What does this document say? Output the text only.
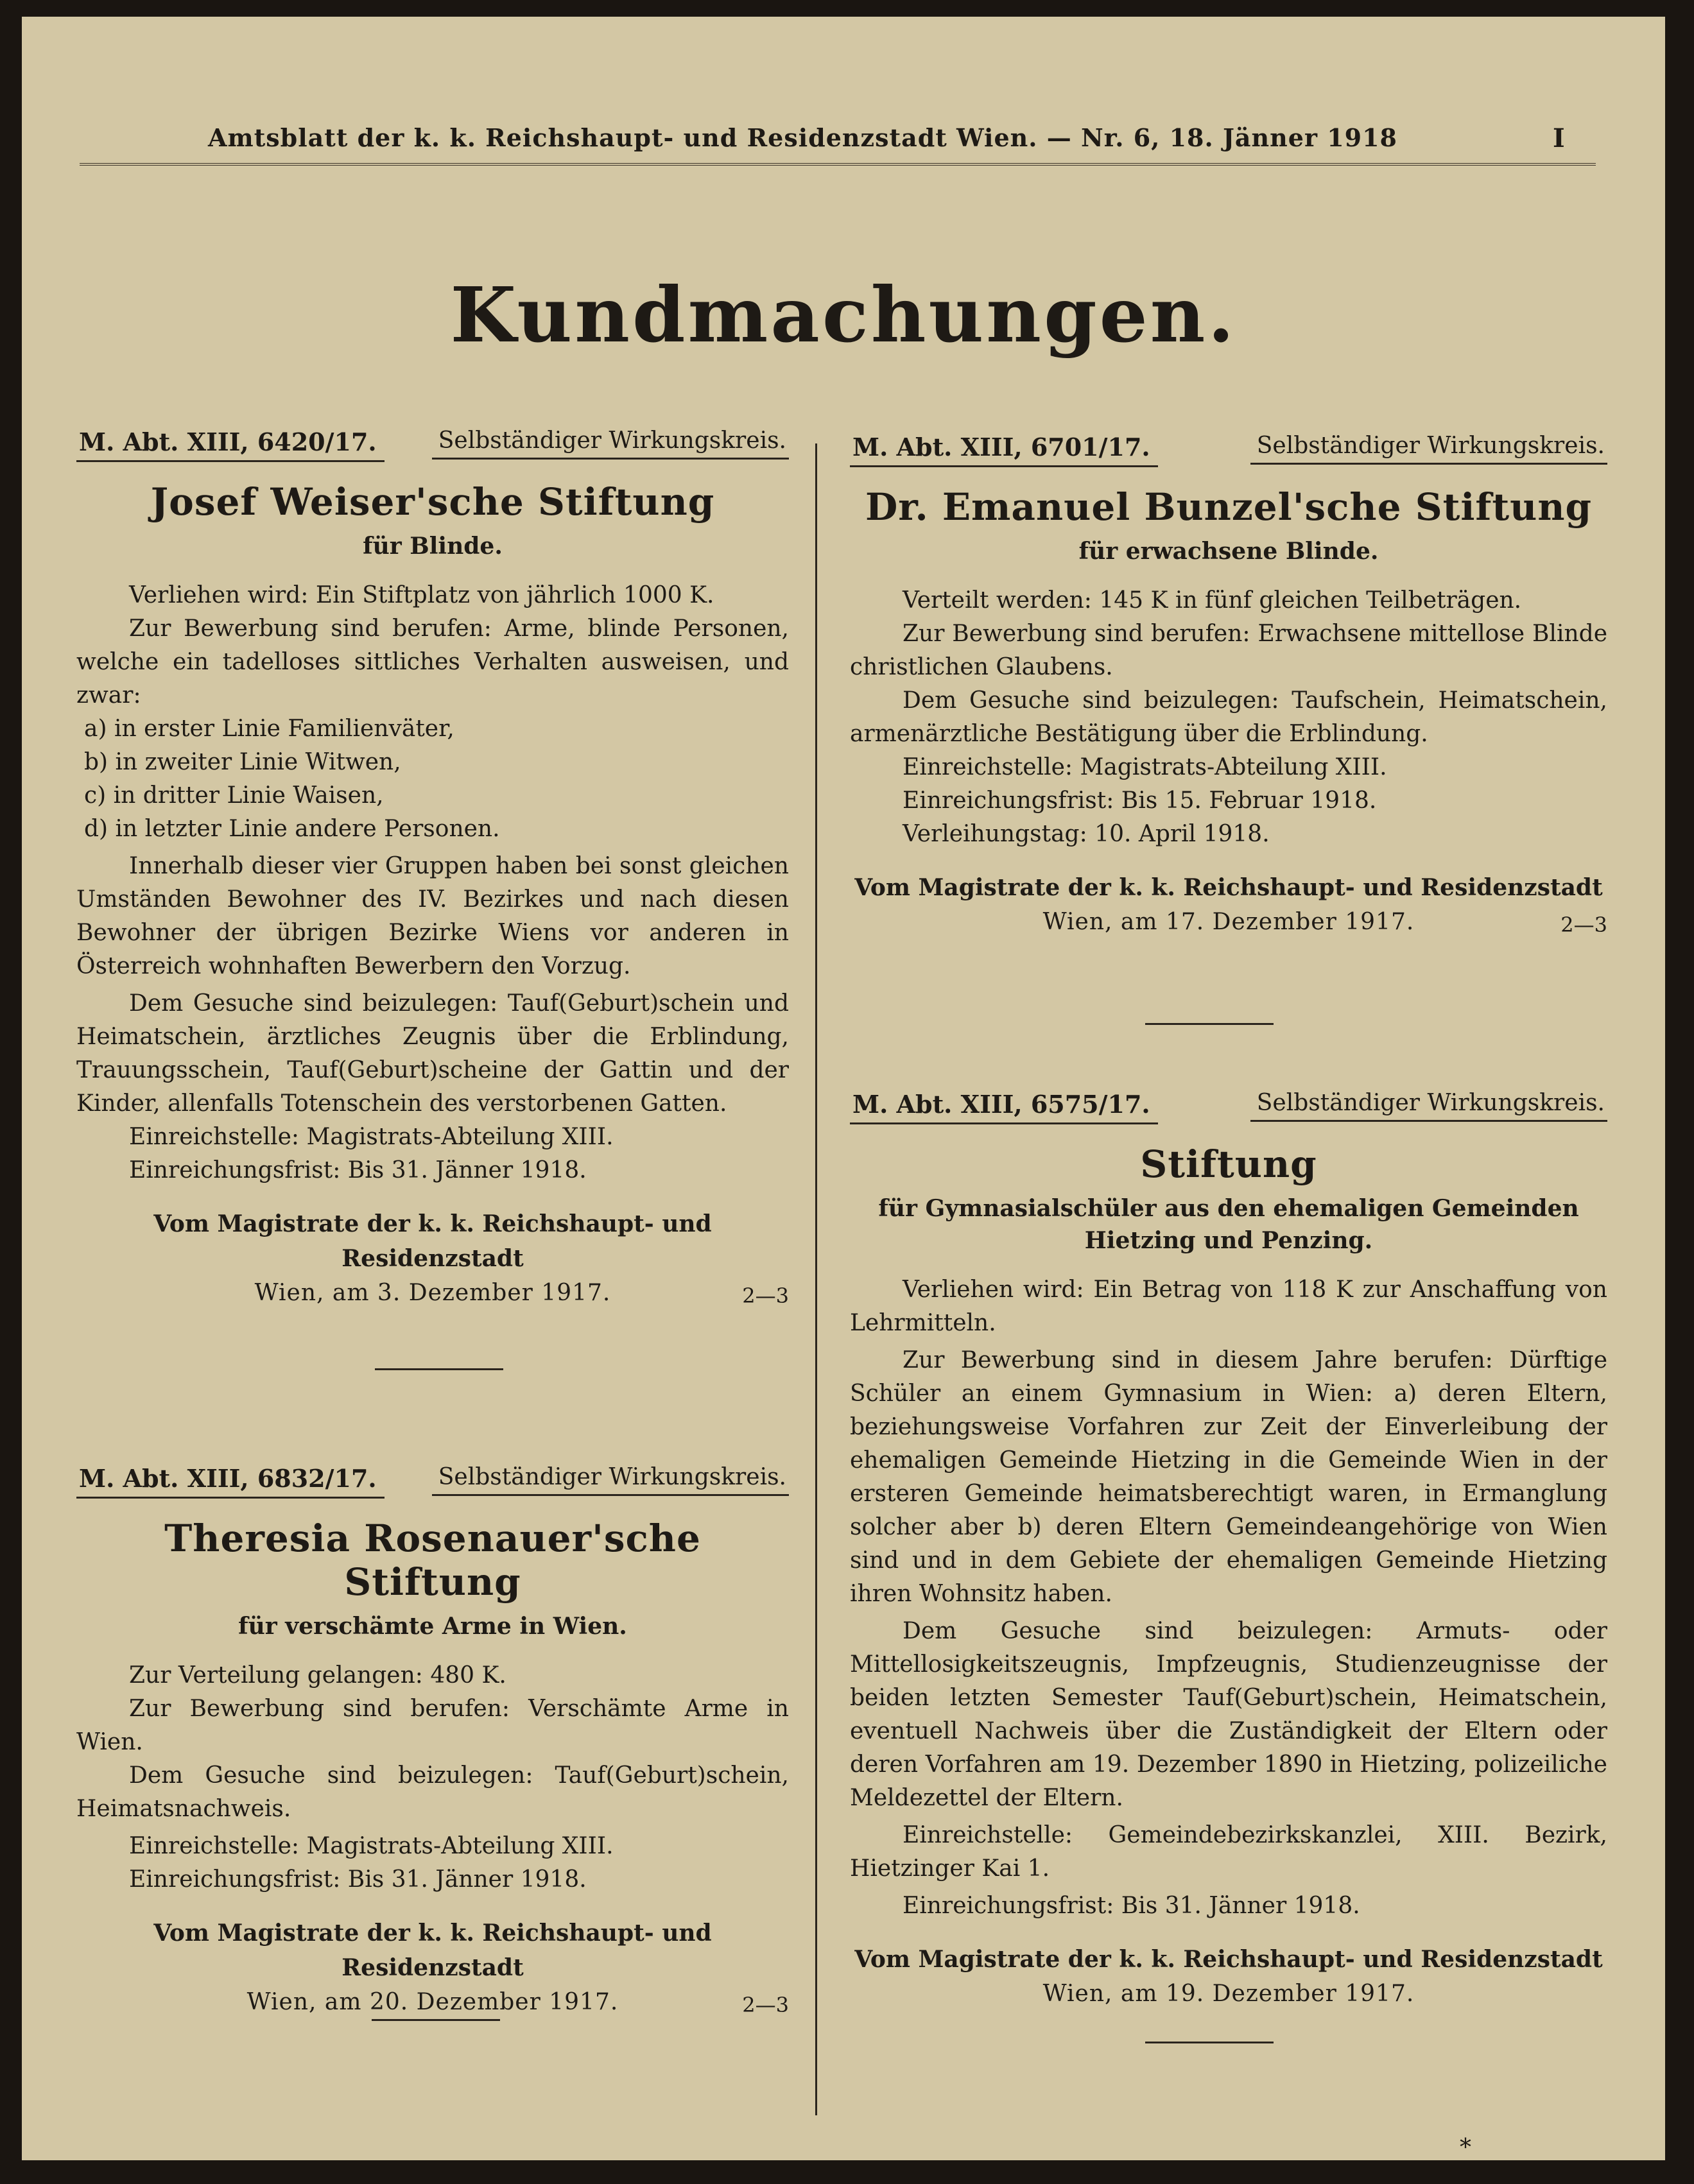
Amtsblatt der k. k. Reichshaupt- und Residenzstadt Wien. — Nr. 6, 18. Jänner 1918	I
Kundmachungen.
M. Abt. XIII, 6420/17.	Selbständiger Wirkungskreis.
Josef Weiser'sche Stiftung
für Blinde.
Verliehen wird: Ein Stiftplatz von jährlich 1000 K.
Zur Bewerbung sind berufen: Arme, blinde Personen, welche ein tadelloses sittliches Verhalten ausweisen, und zwar:
a) in erster Linie Familienväter,
b) in zweiter Linie Witwen,
c) in dritter Linie Waisen,
d) in letzter Linie andere Personen.
Innerhalb dieser vier Gruppen haben bei sonst gleichen Umständen Bewohner des IV. Bezirkes und nach diesen Bewohner der übrigen Bezirke Wiens vor anderen in Österreich wohnhaften Bewerbern den Vorzug.
Dem Gesuche sind beizulegen: Tauf(Geburt)schein und Heimatschein, ärztliches Zeugnis über die Erblindung, Trauungsschein, Tauf(Geburt)scheine der Gattin und der Kinder, allenfalls Totenschein des verstorbenen Gatten.
Einreichstelle: Magistrats-Abteilung XIII.
Einreichungsfrist: Bis 31. Jänner 1918.
Vom Magistrate der k. k. Reichshaupt- und Residenzstadt
Wien, am 3. Dezember 1917.	2—3
M. Abt. XIII, 6832/17.	Selbständiger Wirkungskreis.
Theresia Rosenauer'sche Stiftung
für verschämte Arme in Wien.
Zur Verteilung gelangen: 480 K.
Zur Bewerbung sind berufen: Verschämte Arme in Wien.
Dem Gesuche sind beizulegen: Tauf(Geburt)schein, Heimatsnachweis.
Einreichstelle: Magistrats-Abteilung XIII.
Einreichungsfrist: Bis 31. Jänner 1918.
Vom Magistrate der k. k. Reichshaupt- und Residenzstadt
Wien, am 20. Dezember 1917.	2—3
M. Abt. XIII, 6701/17.	Selbständiger Wirkungskreis.
Dr. Emanuel Bunzel'sche Stiftung
für erwachsene Blinde.
Verteilt werden: 145 K in fünf gleichen Teilbeträgen.
Zur Bewerbung sind berufen: Erwachsene mittellose Blinde christlichen Glaubens.
Dem Gesuche sind beizulegen: Taufschein, Heimatschein, armenärztliche Bestätigung über die Erblindung.
Einreichstelle: Magistrats-Abteilung XIII.
Einreichungsfrist: Bis 15. Februar 1918.
Verleihungstag: 10. April 1918.
Vom Magistrate der k. k. Reichshaupt- und Residenzstadt
Wien, am 17. Dezember 1917.	2—3
M. Abt. XIII, 6575/17.	Selbständiger Wirkungskreis.
Stiftung
für Gymnasialschüler aus den ehemaligen Gemeinden Hietzing und Penzing.
Verliehen wird: Ein Betrag von 118 K zur Anschaffung von Lehrmitteln.
Zur Bewerbung sind in diesem Jahre berufen: Dürftige Schüler an einem Gymnasium in Wien: a) deren Eltern, beziehungsweise Vorfahren zur Zeit der Einverleibung der ehemaligen Gemeinde Hietzing in die Gemeinde Wien in der ersteren Gemeinde heimatsberechtigt waren, in Ermanglung solcher aber b) deren Eltern Gemeindeangehörige von Wien sind und in dem Gebiete der ehemaligen Gemeinde Hietzing ihren Wohnsitz haben.
Dem Gesuche sind beizulegen: Armuts- oder Mittellosigkeitszeugnis, Impfzeugnis, Studienzeugnisse der beiden letzten Semester Tauf(Geburt)schein, Heimatschein, eventuell Nachweis über die Zuständigkeit der Eltern oder deren Vorfahren am 19. Dezember 1890 in Hietzing, polizeiliche Meldezettel der Eltern.
Einreichstelle: Gemeindebezirkskanzlei, XIII. Bezirk, Hietzinger Kai 1.
Einreichungsfrist: Bis 31. Jänner 1918.
Vom Magistrate der k. k. Reichshaupt- und Residenzstadt
Wien, am 19. Dezember 1917.
*
